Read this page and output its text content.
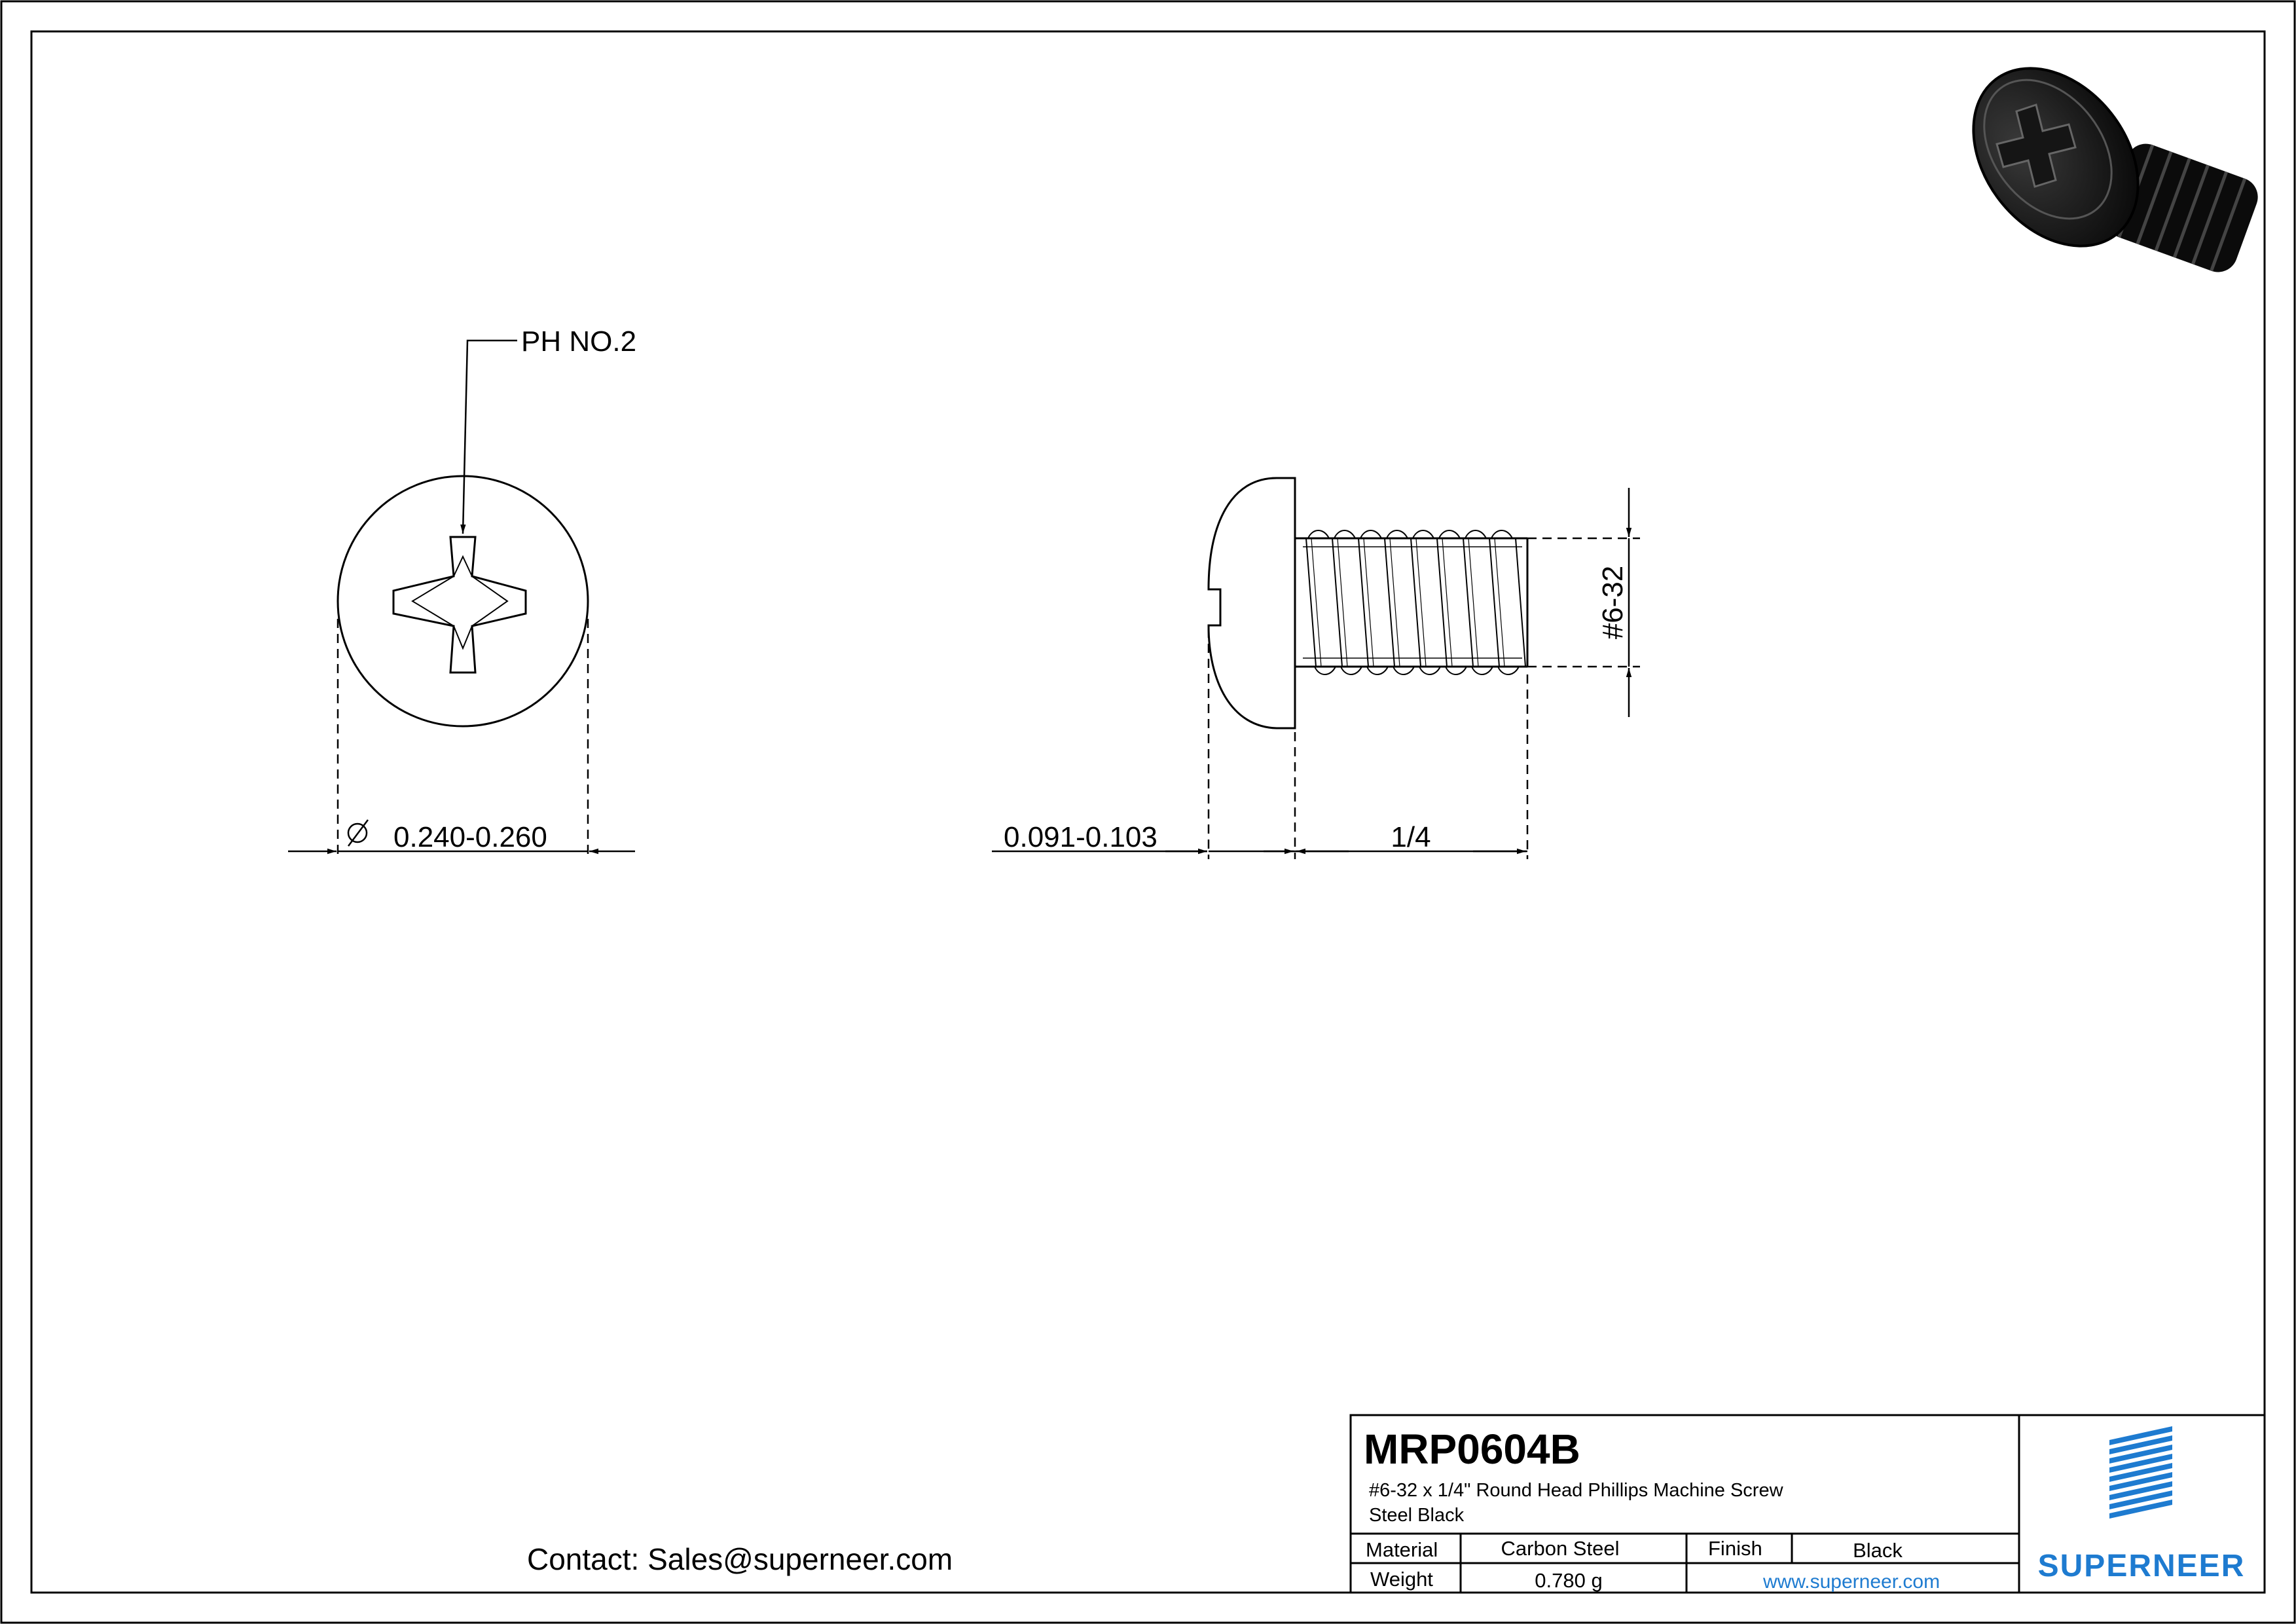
PH NO.2
0.240-0.260
#6-32
0.091-0.103	1/4
MRP0604B
#6-32 x 1/4" Round Head Phillips Machine Screw
Steel Black
Material	Carbon Steel	Finish	Black
Weight	0.780 g	www.superneer.com	SUPERNEER
Contact: Sales@superneer.com
